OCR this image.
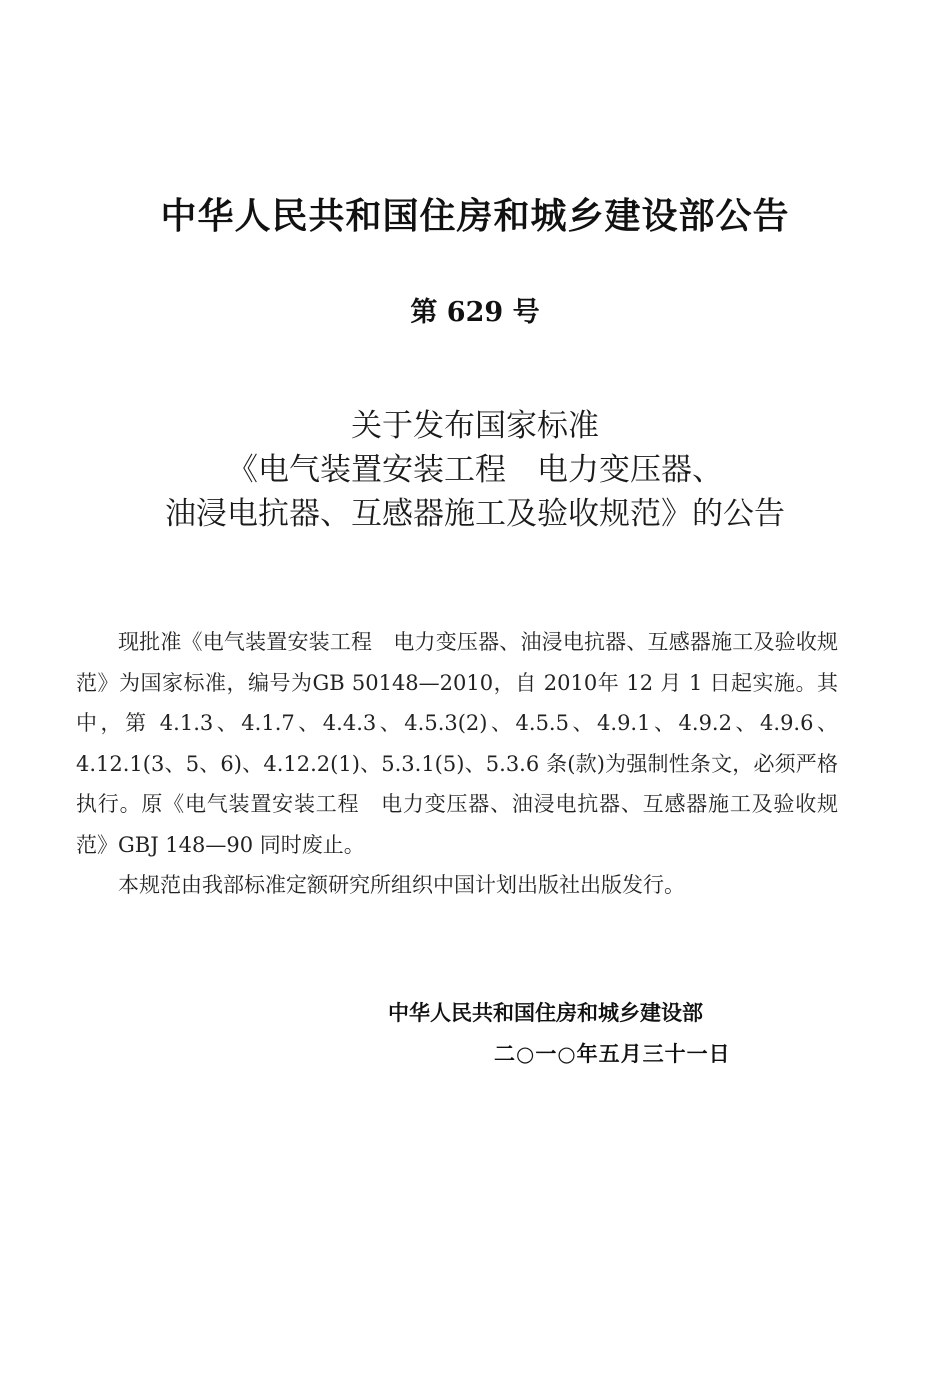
中华人民共和国住房和城乡建设部公告
第 629 号
关于发布国家标准
《电气装置安装工程　电力变压器、
油浸电抗器、互感器施工及验收规范》的公告

现批准《电气装置安装工程　电力变压器、油浸电抗器、互感器施工及验收规范》为国家标准，编号为GB 50148—2010，自 2010年 12 月 1 日起实施。其中，第 4.1.3、4.1.7、4.4.3、4.5.3(2)、4.5.5、4.9.1、4.9.2、4.9.6、4.12.1(3、5、6)、4.12.2(1)、5.3.1(5)、5.3.6 条(款)为强制性条文，必须严格执行。原《电气装置安装工程　电力变压器、油浸电抗器、互感器施工及验收规范》GBJ 148—90 同时废止。

本规范由我部标准定额研究所组织中国计划出版社出版发行。

中华人民共和国住房和城乡建设部
二○一○年五月三十一日
